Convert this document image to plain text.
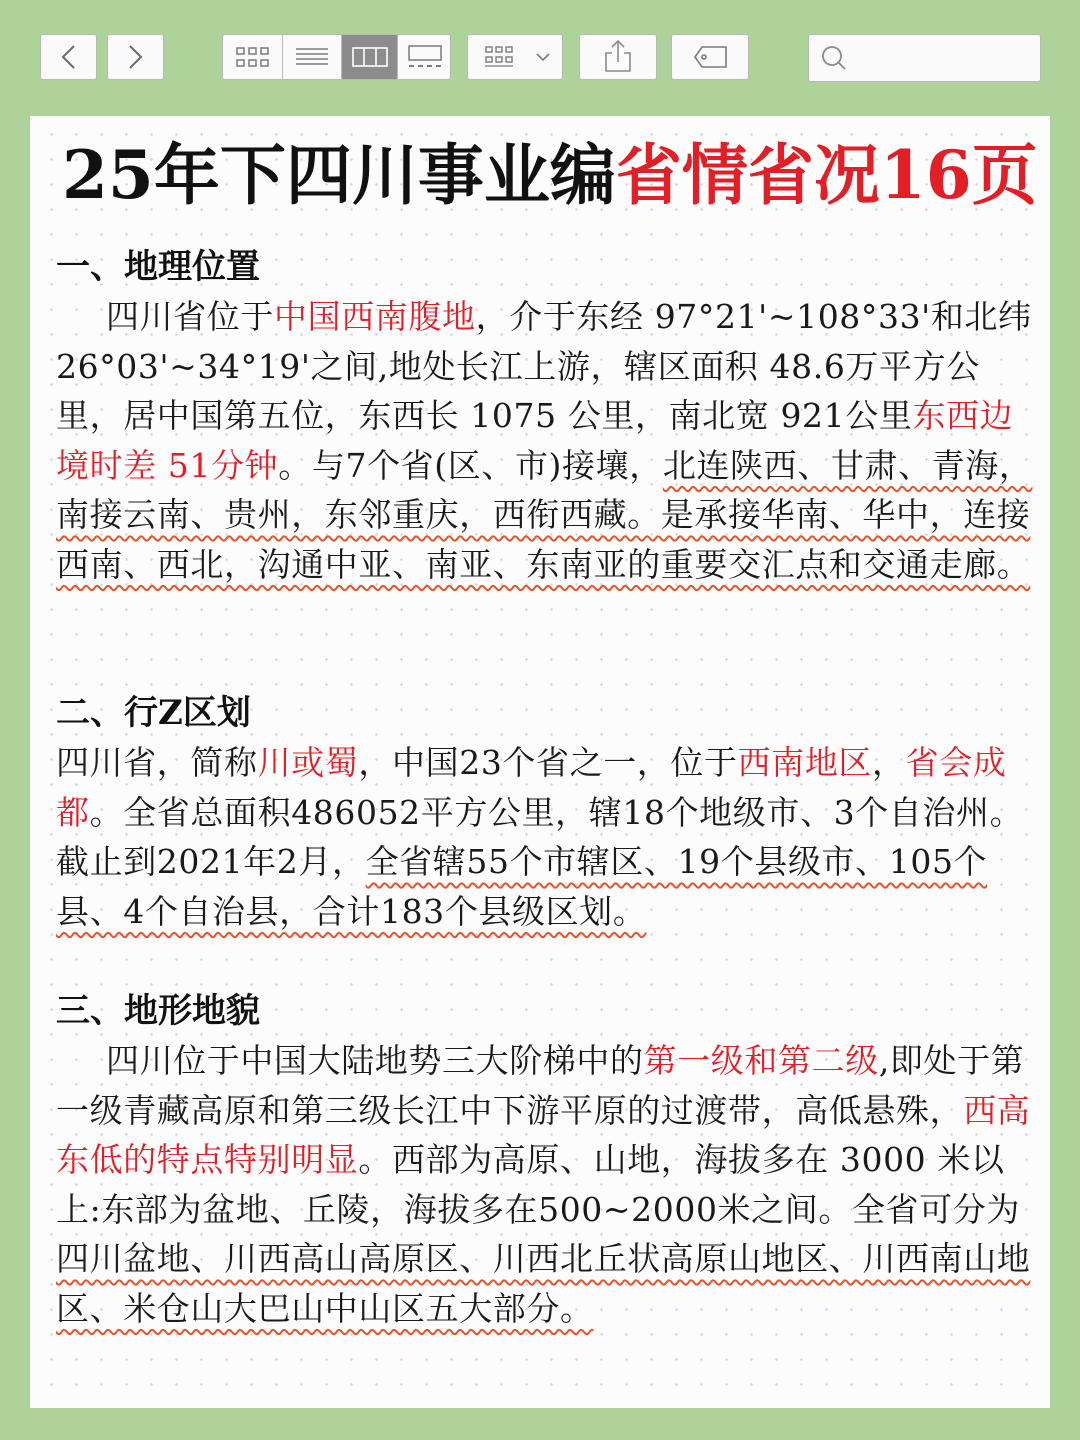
25年下四川事业编省情省况16页
一、地理位置
四川省位于中国西南腹地，介于东经 97°21'~108°33'和北纬26°03'~34°19'之间,地处长江上游，辖区面积 48.6万平方公里，居中国第五位，东西长 1075 公里，南北宽 921公里东西边境时差 51分钟。与7个省(区、市)接壤，北连陕西、甘肃、青海，南接云南、贵州，东邻重庆，西衔西藏。是承接华南、华中，连接西南、西北，沟通中亚、南亚、东南亚的重要交汇点和交通走廊。
二、行Z区划
四川省，简称川或蜀，中国23个省之一，位于西南地区，省会成都。全省总面积486052平方公里，辖18个地级市、3个自治州。截止到2021年2月，全省辖55个市辖区、19个县级市、105个县、4个自治县，合计183个县级区划。
三、地形地貌
四川位于中国大陆地势三大阶梯中的第一级和第二级,即处于第一级青藏高原和第三级长江中下游平原的过渡带，高低悬殊，西高东低的特点特别明显。西部为高原、山地，海拔多在 3000 米以上:东部为盆地、丘陵，海拔多在500~2000米之间。全省可分为四川盆地、川西高山高原区、川西北丘状高原山地区、川西南山地区、米仓山大巴山中山区五大部分。
